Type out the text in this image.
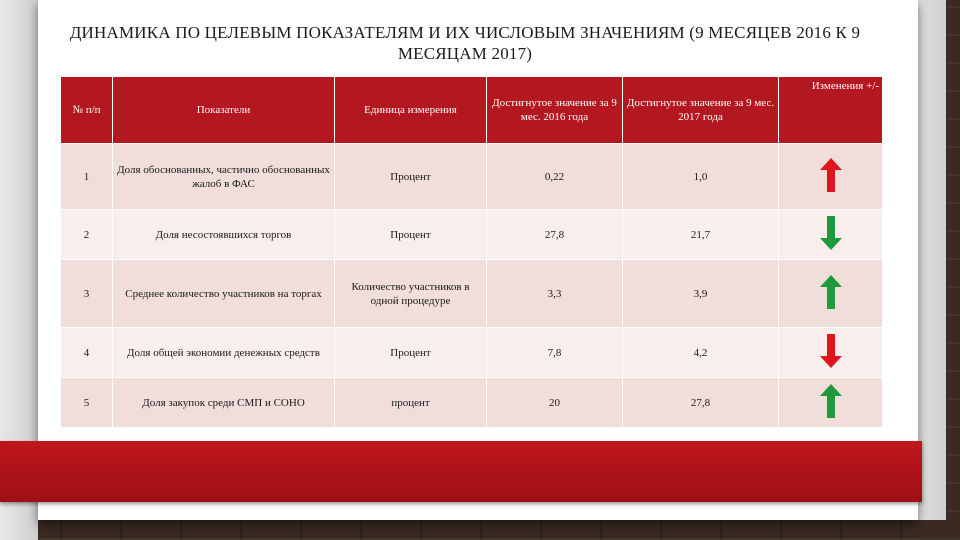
ДИНАМИКА ПО ЦЕЛЕВЫМ ПОКАЗАТЕЛЯМ И ИХ ЧИСЛОВЫМ ЗНАЧЕНИЯМ (9 МЕСЯЦЕВ 2016 К 9 МЕСЯЦАМ 2017)
№ п/п	Показатели	Единица измерения	Достигнутое значение за 9 мес. 2016 года	Достигнутое значение за 9 мес. 2017 года	Изменения +/-
1	Доля обоснованных, частично обоснованных жалоб в ФАС	Процент	0,22	1,0	
2	Доля несостоявшихся торгов	Процент	27,8	21,7	
3	Среднее количество участников на торгах	Количество участников в одной процедуре	3,3	3,9	
4	Доля общей экономии денежных средств	Процент	7,8	4,2	
5	Доля закупок среди СМП и СОНО	процент	20	27,8	
